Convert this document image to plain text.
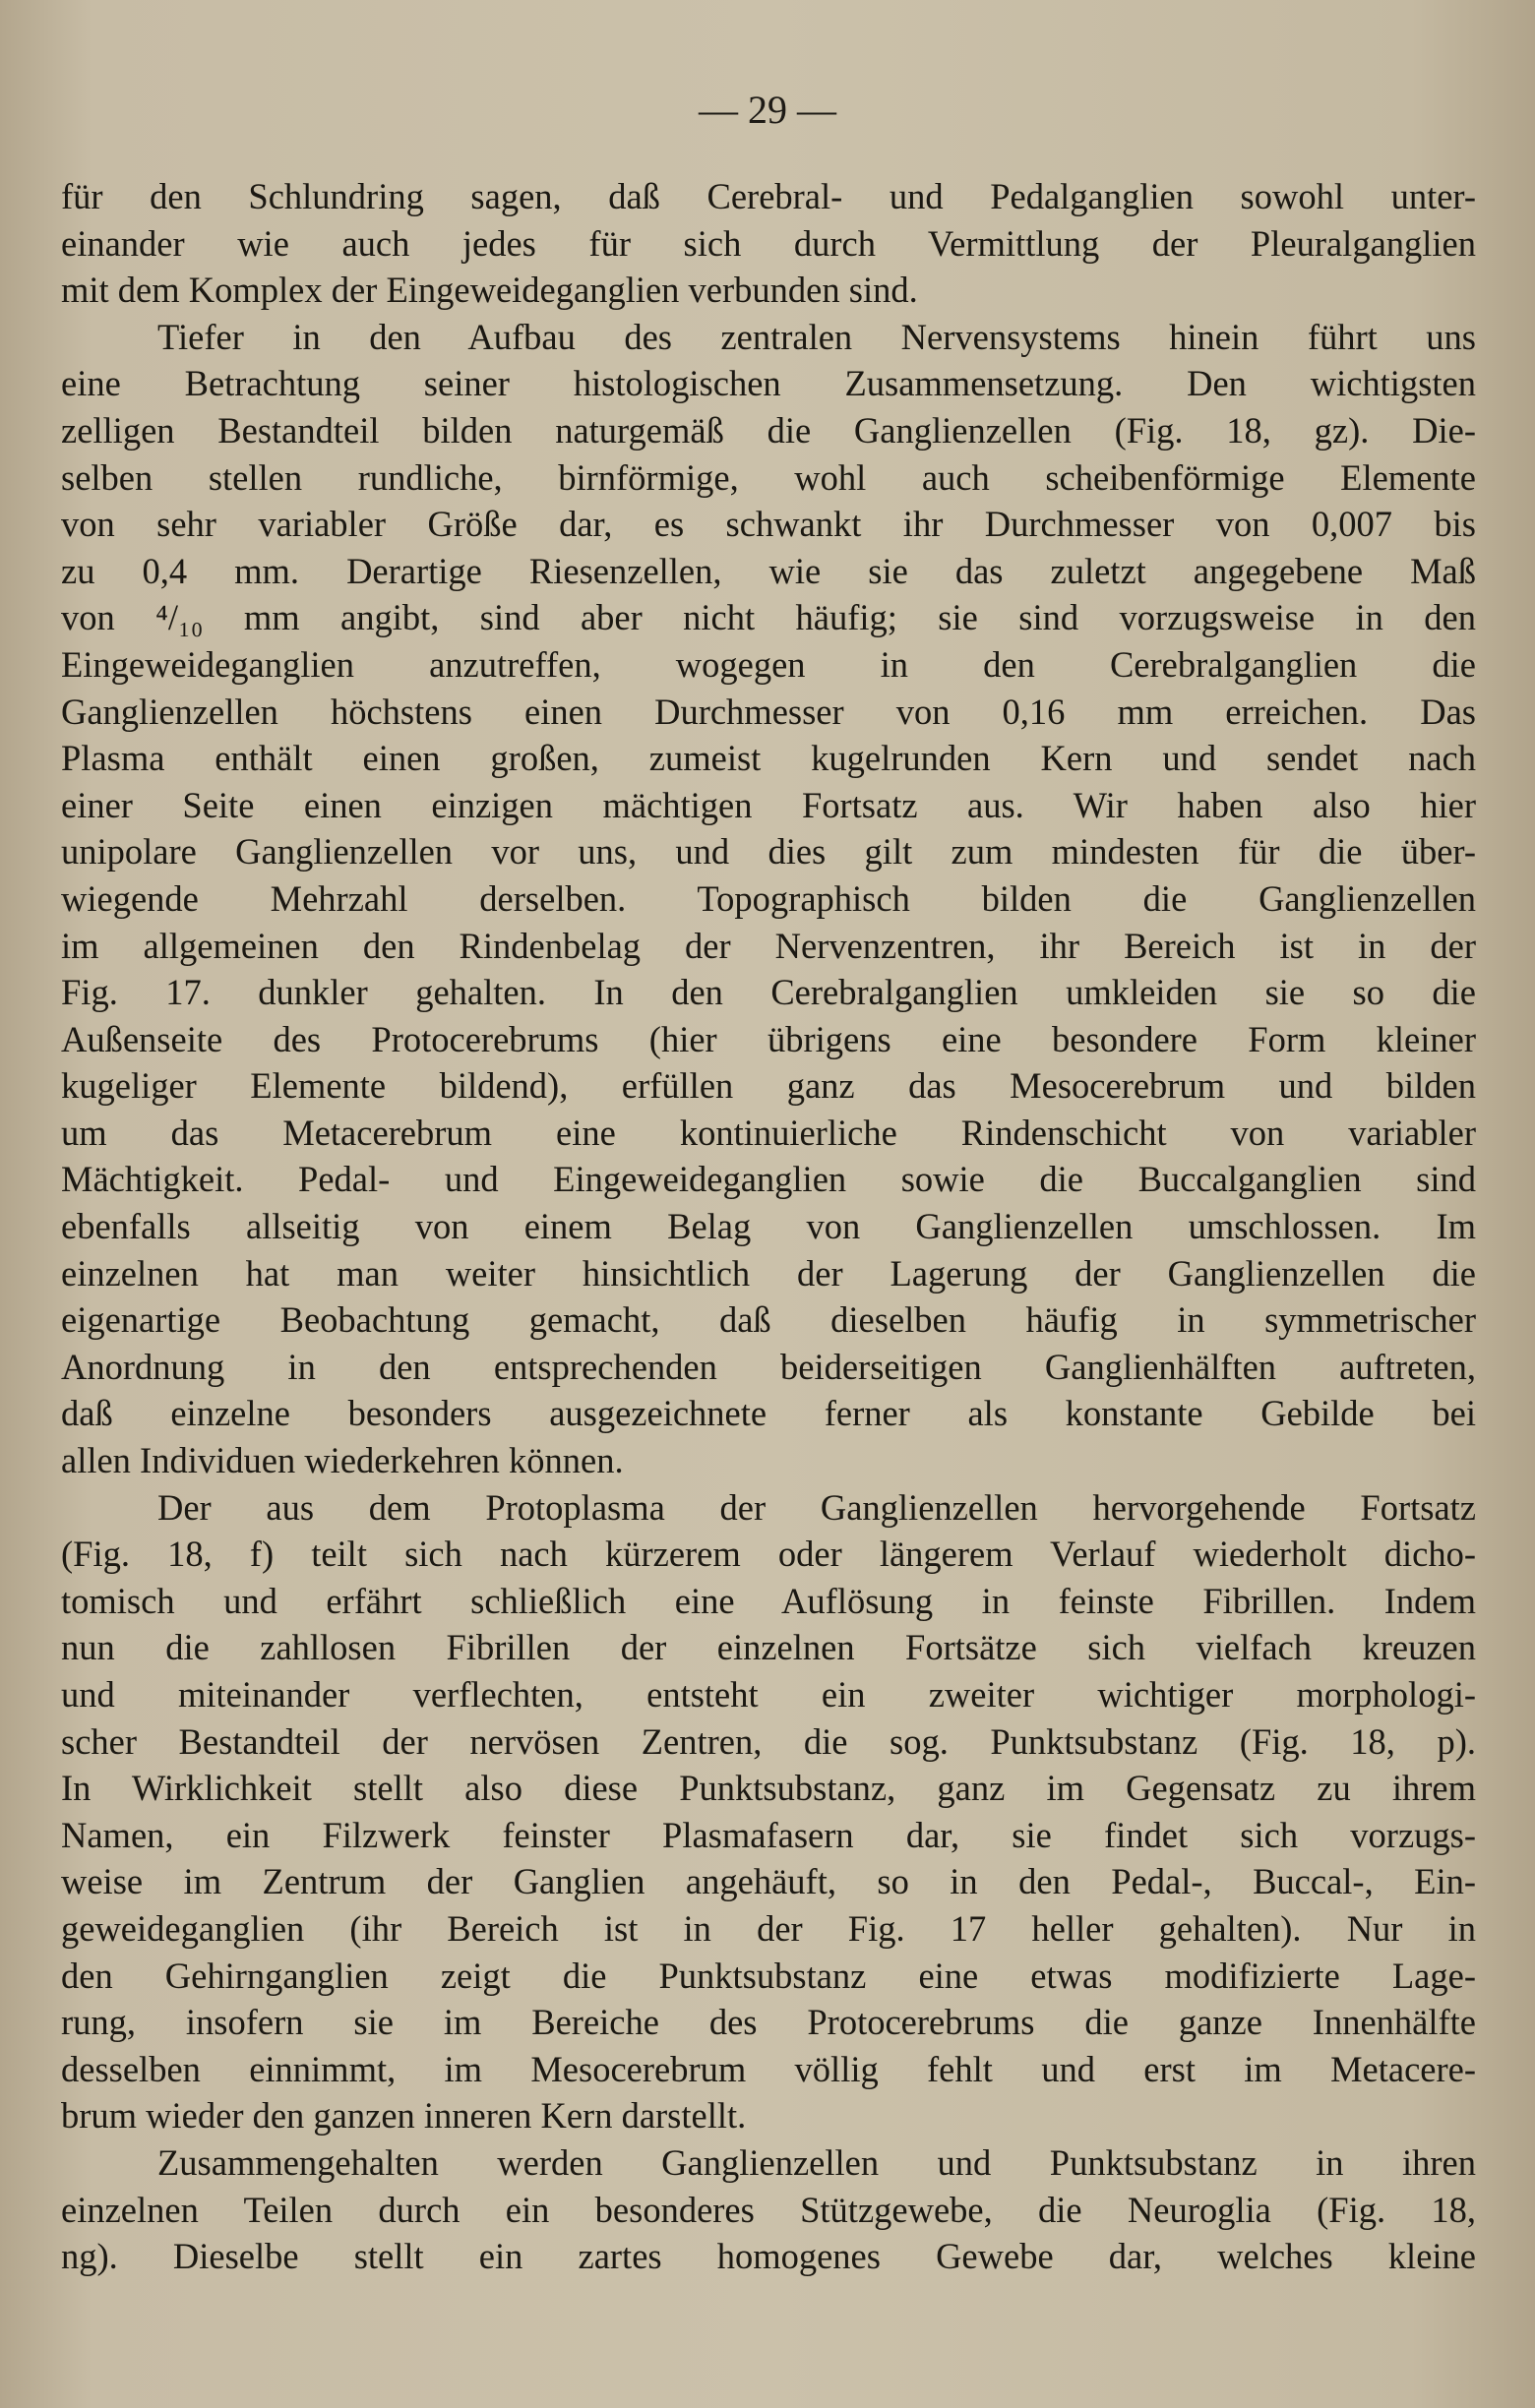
— 29 —
für den Schlundring sagen, daß Cerebral- und Pedalganglien sowohl unter-
einander wie auch jedes für sich durch Vermittlung der Pleuralganglien
mit dem Komplex der Eingeweideganglien verbunden sind.
Tiefer in den Aufbau des zentralen Nervensystems hinein führt uns
eine Betrachtung seiner histologischen Zusammensetzung. Den wichtigsten
zelligen Bestandteil bilden naturgemäß die Ganglienzellen (Fig. 18, gz). Die-
selben stellen rundliche, birnförmige, wohl auch scheibenförmige Elemente
von sehr variabler Größe dar, es schwankt ihr Durchmesser von 0,007 bis
zu 0,4 mm. Derartige Riesenzellen, wie sie das zuletzt angegebene Maß
von ⁴/₁₀ mm angibt, sind aber nicht häufig; sie sind vorzugsweise in den
Eingeweideganglien anzutreffen, wogegen in den Cerebralganglien die
Ganglienzellen höchstens einen Durchmesser von 0,16 mm erreichen. Das
Plasma enthält einen großen, zumeist kugelrunden Kern und sendet nach
einer Seite einen einzigen mächtigen Fortsatz aus. Wir haben also hier
unipolare Ganglienzellen vor uns, und dies gilt zum mindesten für die über-
wiegende Mehrzahl derselben. Topographisch bilden die Ganglienzellen
im allgemeinen den Rindenbelag der Nervenzentren, ihr Bereich ist in der
Fig. 17. dunkler gehalten. In den Cerebralganglien umkleiden sie so die
Außenseite des Protocerebrums (hier übrigens eine besondere Form kleiner
kugeliger Elemente bildend), erfüllen ganz das Mesocerebrum und bilden
um das Metacerebrum eine kontinuierliche Rindenschicht von variabler
Mächtigkeit. Pedal- und Eingeweideganglien sowie die Buccalganglien sind
ebenfalls allseitig von einem Belag von Ganglienzellen umschlossen. Im
einzelnen hat man weiter hinsichtlich der Lagerung der Ganglienzellen die
eigenartige Beobachtung gemacht, daß dieselben häufig in symmetrischer
Anordnung in den entsprechenden beiderseitigen Ganglienhälften auftreten,
daß einzelne besonders ausgezeichnete ferner als konstante Gebilde bei
allen Individuen wiederkehren können.
Der aus dem Protoplasma der Ganglienzellen hervorgehende Fortsatz
(Fig. 18, f) teilt sich nach kürzerem oder längerem Verlauf wiederholt dicho-
tomisch und erfährt schließlich eine Auflösung in feinste Fibrillen. Indem
nun die zahllosen Fibrillen der einzelnen Fortsätze sich vielfach kreuzen
und miteinander verflechten, entsteht ein zweiter wichtiger morphologi-
scher Bestandteil der nervösen Zentren, die sog. Punktsubstanz (Fig. 18, p).
In Wirklichkeit stellt also diese Punktsubstanz, ganz im Gegensatz zu ihrem
Namen, ein Filzwerk feinster Plasmafasern dar, sie findet sich vorzugs-
weise im Zentrum der Ganglien angehäuft, so in den Pedal-, Buccal-, Ein-
geweideganglien (ihr Bereich ist in der Fig. 17 heller gehalten). Nur in
den Gehirnganglien zeigt die Punktsubstanz eine etwas modifizierte Lage-
rung, insofern sie im Bereiche des Protocerebrums die ganze Innenhälfte
desselben einnimmt, im Mesocerebrum völlig fehlt und erst im Metacere-
brum wieder den ganzen inneren Kern darstellt.
Zusammengehalten werden Ganglienzellen und Punktsubstanz in ihren
einzelnen Teilen durch ein besonderes Stützgewebe, die Neuroglia (Fig. 18,
ng). Dieselbe stellt ein zartes homogenes Gewebe dar, welches kleine
